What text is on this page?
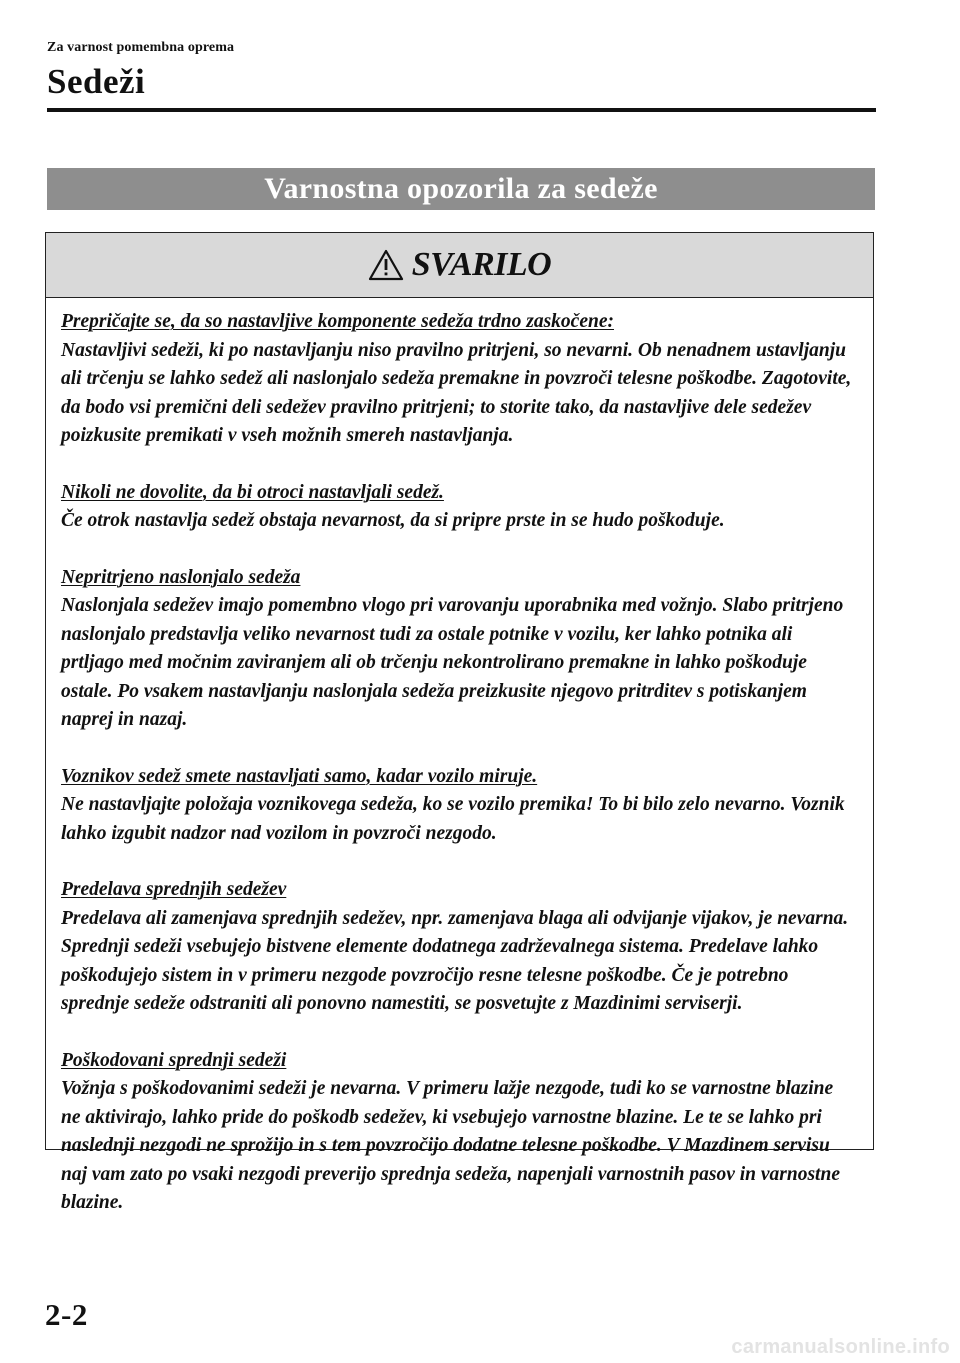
Za varnost pomembna oprema
Sedeži
Varnostna opozorila za sedeže
SVARILO
Prepričajte se, da so nastavljive komponente sedeža trdno zaskočene:
Nastavljivi sedeži, ki po nastavljanju niso pravilno pritrjeni, so nevarni. Ob nenadnem ustavljanju ali trčenju se lahko sedež ali naslonjalo sedeža premakne in povzroči telesne poškodbe. Zagotovite, da bodo vsi premični deli sedežev pravilno pritrjeni; to storite tako, da nastavljive dele sedežev poizkusite premikati v vseh možnih smereh nastavljanja.
Nikoli ne dovolite, da bi otroci nastavljali sedež.
Če otrok nastavlja sedež obstaja nevarnost, da si pripre prste in se hudo poškoduje.
Nepritrjeno naslonjalo sedeža
Naslonjala sedežev imajo pomembno vlogo pri varovanju uporabnika med vožnjo. Slabo pritrjeno naslonjalo predstavlja veliko nevarnost tudi za ostale potnike v vozilu, ker lahko potnika ali prtljago med močnim zaviranjem ali ob trčenju nekontrolirano premakne in lahko poškoduje ostale. Po vsakem nastavljanju naslonjala sedeža preizkusite njegovo pritrditev s potiskanjem naprej in nazaj.
Voznikov sedež smete nastavljati samo, kadar vozilo miruje.
Ne nastavljajte položaja voznikovega sedeža, ko se vozilo premika! To bi bilo zelo nevarno. Voznik lahko izgubit nadzor nad vozilom in povzroči nezgodo.
Predelava sprednjih sedežev
Predelava ali zamenjava sprednjih sedežev, npr. zamenjava blaga ali odvijanje vijakov, je nevarna. Sprednji sedeži vsebujejo bistvene elemente dodatnega zadrževalnega sistema. Predelave lahko poškodujejo sistem in v primeru nezgode povzročijo resne telesne poškodbe. Če je potrebno sprednje sedeže odstraniti ali ponovno namestiti, se posvetujte z Mazdinimi serviserji.
Poškodovani sprednji sedeži
Vožnja s poškodovanimi sedeži je nevarna. V primeru lažje nezgode, tudi ko se varnostne blazine ne aktivirajo, lahko pride do poškodb sedežev, ki vsebujejo varnostne blazine. Le te se lahko pri naslednji nezgodi ne sprožijo in s tem povzročijo dodatne telesne poškodbe. V Mazdinem servisu naj vam zato po vsaki nezgodi preverijo sprednja sedeža, napenjali varnostnih pasov in varnostne blazine.
2-2
carmanualsonline.info
